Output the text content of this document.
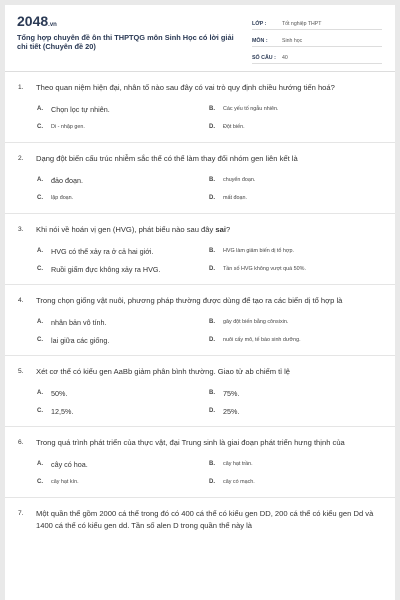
2048.vn
Tổng hợp chuyên đề ôn thi THPTQG môn Sinh Học có lời giải chi tiết (Chuyên đề 20)
LỚP :	Tốt nghiệp THPT
MÔN :	Sinh học
SỐ CÂU :	40
1.	Theo quan niệm hiện đại, nhân tố nào sau đây có vai trò quy định chiều hướng tiến hoá?
A.	Chọn lọc tự nhiên.	B.	Các yếu tố ngẫu nhiên.
C.	Di - nhập gen.	D.	Đột biến.
2.	Dạng đột biến cấu trúc nhiễm sắc thể có thể làm thay đổi nhóm gen liên kết là
A.	đảo đoạn.	B.	chuyển đoạn.
C.	lặp đoạn.	D.	mất đoạn.
3.	Khi nói về hoán vị gen (HVG), phát biểu nào sau đây sai?
A.	HVG có thể xảy ra ở cả hai giới.	B.	HVG làm giảm biến dị tổ hợp.
C.	Ruồi giấm đực không xảy ra HVG.	D.	Tần số HVG không vượt quá 50%.
4.	Trong chọn giống vật nuôi, phương pháp thường được dùng để tạo ra các biến dị tổ hợp là
A.	nhân bản vô tính.	B.	gây đột biến bằng cônsixin.
C.	lai giữa các giống.	D.	nuôi cấy mô, tế bào sinh dưỡng.
5.	Xét cơ thể có kiểu gen AaBb giảm phân bình thường. Giao tử ab chiếm tỉ lệ
A.	50%.	B.	75%.
C.	12,5%.	D.	25%.
6.	Trong quá trình phát triển của thực vật, đại Trung sinh là giai đoạn phát triển hưng thịnh của
A.	cây có hoa.	B.	cây hạt trần.
C.	cây hạt kín.	D.	cây có mạch.
7.	Một quần thể gồm 2000 cá thể trong đó có 400 cá thể có kiểu gen DD, 200 cá thể có kiểu gen Dd và 1400 cá thể có kiểu gen dd. Tần số alen D trong quần thể này là
